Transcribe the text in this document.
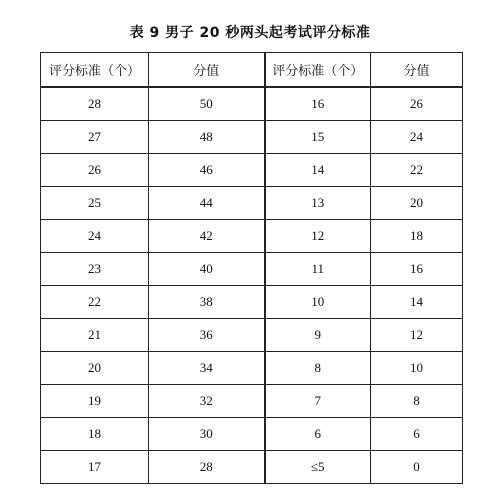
表 9 男子 20 秒两头起考试评分标准
评分标准（个）	分值	评分标准（个）	分值
28	50	16	26
27	48	15	24
26	46	14	22
25	44	13	20
24	42	12	18
23	40	11	16
22	38	10	14
21	36	9	12
20	34	8	10
19	32	7	8
18	30	6	6
17	28	≤5	0
